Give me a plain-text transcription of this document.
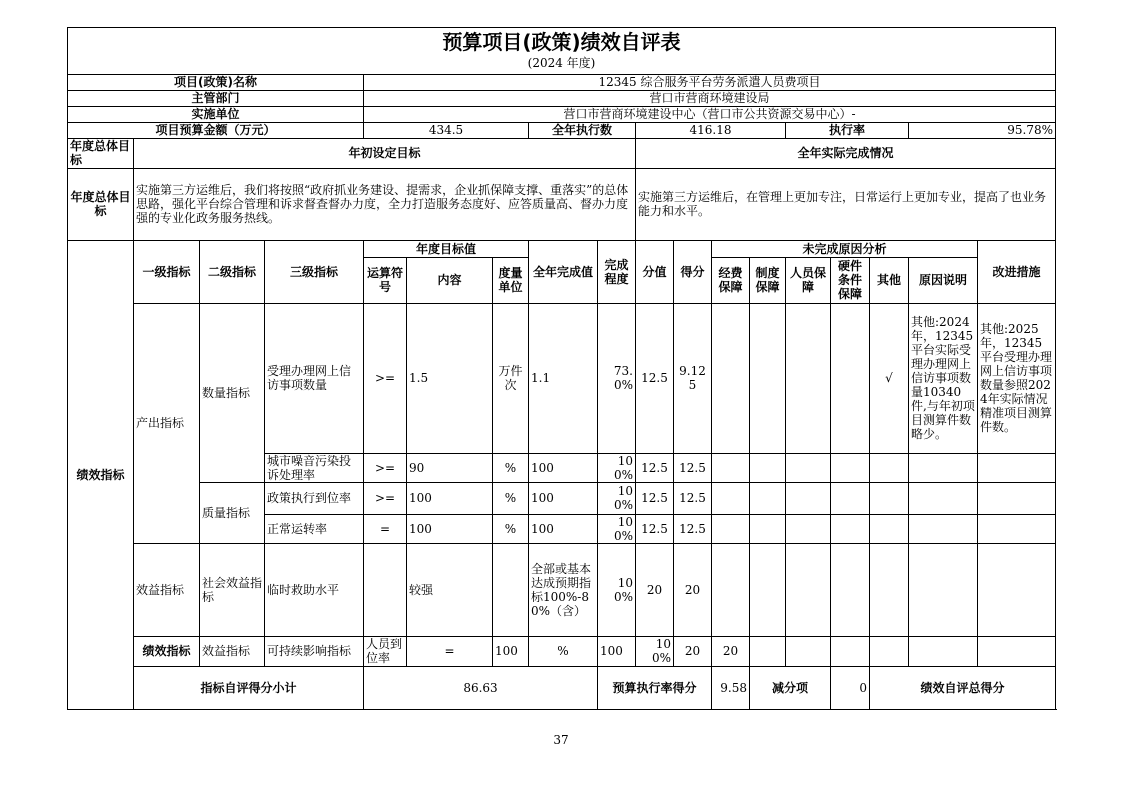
预算项目(政策)绩效自评表																		
(2024 年度)																		
项目(政策)名称				12345 综合服务平台劳务派遣人员费项目														
主管部门				营口市营商环境建设局														
实施单位				营口市营商环境建设中心（营口市公共资源交易中心）-														
项目预算金额（万元）				434.5			全年执行数		416.18				执行率			95.78%		
年度总体目标	年初设定目标								全年实际完成情况									
年度总体目标	实施第三方运维后，我们将按照“政府抓业务建设、提需求，企业抓保障支撑、重落实”的总体思路，强化平台综合管理和诉求督查督办力度，全力打造服务态度好、应答质量高、督办力度强的专业化政务服务热线。								实施第三方运维后，在管理上更加专注，日常运行上更加专业，提高了也业务能力和水平。									
绩效指标	一级指标	二级指标	三级指标	年度目标值			全年完成值	完成程度	分值	得分	未完成原因分析						改进措施	
				运算符号	内容	度量单位					经费保障	制度保障	人员保障	硬件条件保障	其他	原因说明		
	产出指标	数量指标	受理办理网上信访事项数量	>=	1.5	万件次	1.1	73.0%	12.5	9.125					√	其他:2024年，12345平台实际受理办理网上信访事项数量10340件,与年初项目测算件数略少。	其他:2025年，12345平台受理办理网上信访事项数量参照2024年实际情况精准项目测算件数。	
			城市噪音污染投诉处理率	>=	90	%	100	100%	12.5	12.5								
		质量指标	政策执行到位率	>=	100	%	100	100%	12.5	12.5								
			正常运转率	=	100	%	100	100%	12.5	12.5								
	效益指标	社会效益指标	临时救助水平		较强		全部或基本达成预期指标100%-80%（含）	100%	20	20								
	绩效指标	效益指标	可持续影响指标	人员到位率	=	100	%	100	100%	20	20							
	指标自评得分小计			86.63				预算执行率得分			9.58	减分项		0	绩效自评总得分	
37
